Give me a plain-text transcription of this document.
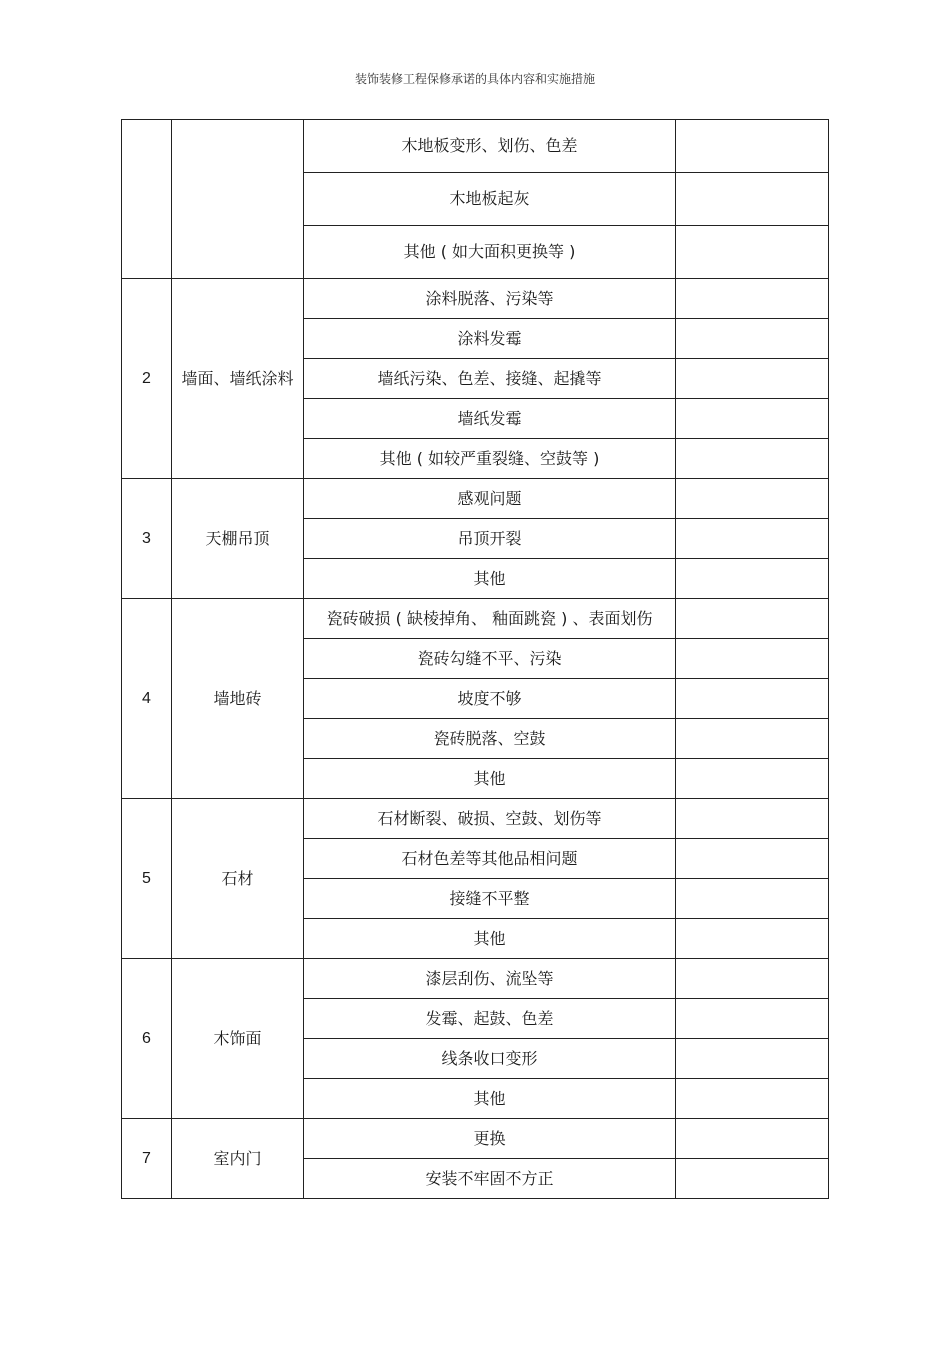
装饰装修工程保修承诺的具体内容和实施措施
		木地板变形、划伤、色差	
		木地板起灰	
		其他 ( 如大面积更换等 )	
2	墙面、墙纸涂料	涂料脱落、污染等	
		涂料发霉	
		墙纸污染、色差、接缝、起撬等	
		墙纸发霉	
		其他 ( 如较严重裂缝、空鼓等 )	
3	天棚吊顶	感观问题	
		吊顶开裂	
		其他	
4	墙地砖	瓷砖破损 ( 缺棱掉角、 釉面跳瓷 ) 、表面划伤	
		瓷砖勾缝不平、污染	
		坡度不够	
		瓷砖脱落、空鼓	
		其他	
5	石材	石材断裂、破损、空鼓、划伤等	
		石材色差等其他品相问题	
		接缝不平整	
		其他	
6	木饰面	漆层刮伤、流坠等	
		发霉、起鼓、色差	
		线条收口变形	
		其他	
7	室内门	更换	
		安装不牢固不方正	
